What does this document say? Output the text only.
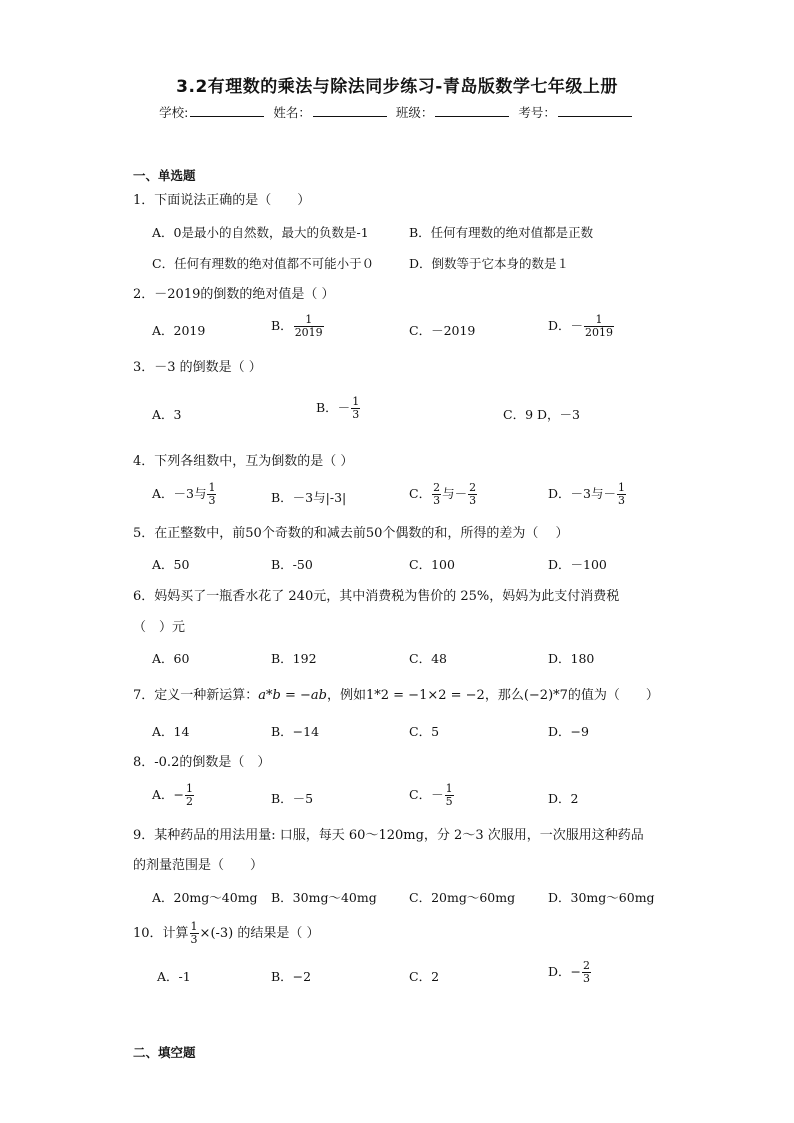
3.2有理数的乘法与除法同步练习-青岛版数学七年级上册
学校:	姓名：	班级：	考号：
一、单选题
1．下面说法正确的是（　　）
A．0是最小的自然数，最大的负数是-1	B．任何有理数的绝对值都是正数
C．任何有理数的绝对值都不可能小于０	D．倒数等于它本身的数是１
2．－2019的倒数的绝对值是（ ）
A．2019	B． $\frac{1}{2019}$	C．－2019	D．－ $\frac{1}{2019}$
3．－3 的倒数是（ ）
A．3	B．－ $\frac{1}{3}$	C．9 D，－3
4．下列各组数中，互为倒数的是（ ）
A．－3与 $\frac{1}{3}$	B．－3与|-3|	C． $\frac{2}{3}$ 与－ $\frac{2}{3}$	D．－3与－ $\frac{1}{3}$
5．在正整数中，前50个奇数的和减去前50个偶数的和，所得的差为（　 ）
A．50	B．-50	C．100	D．－100
6．妈妈买了一瓶香水花了 240元，其中消费税为售价的 25%，妈妈为此支付消费税
（　）元
A．60	B．192	C．48	D．180
7．定义一种新运算：a*b = −ab，例如1*2 = −1×2 = −2，那么(−2)*7的值为（　　）
A．14	B．−14	C．5	D．−9
8．-0.2的倒数是（　）
A．− $\frac{1}{2}$	B．－5	C．－ $\frac{1}{5}$	D．2
9．某种药品的用法用量: 口服，每天 60～120mg，分 2～3 次服用，一次服用这种药品
的剂量范围是（　　）
A．20mg～40mg B．30mg～40mg	C．20mg～60mg	D．30mg～60mg
10．计算 $\frac{1}{3} \times(-3)$ 的结果是（ ）
A．-1	B．−2	C．2	D．− $\frac{2}{3}$
二、填空题
